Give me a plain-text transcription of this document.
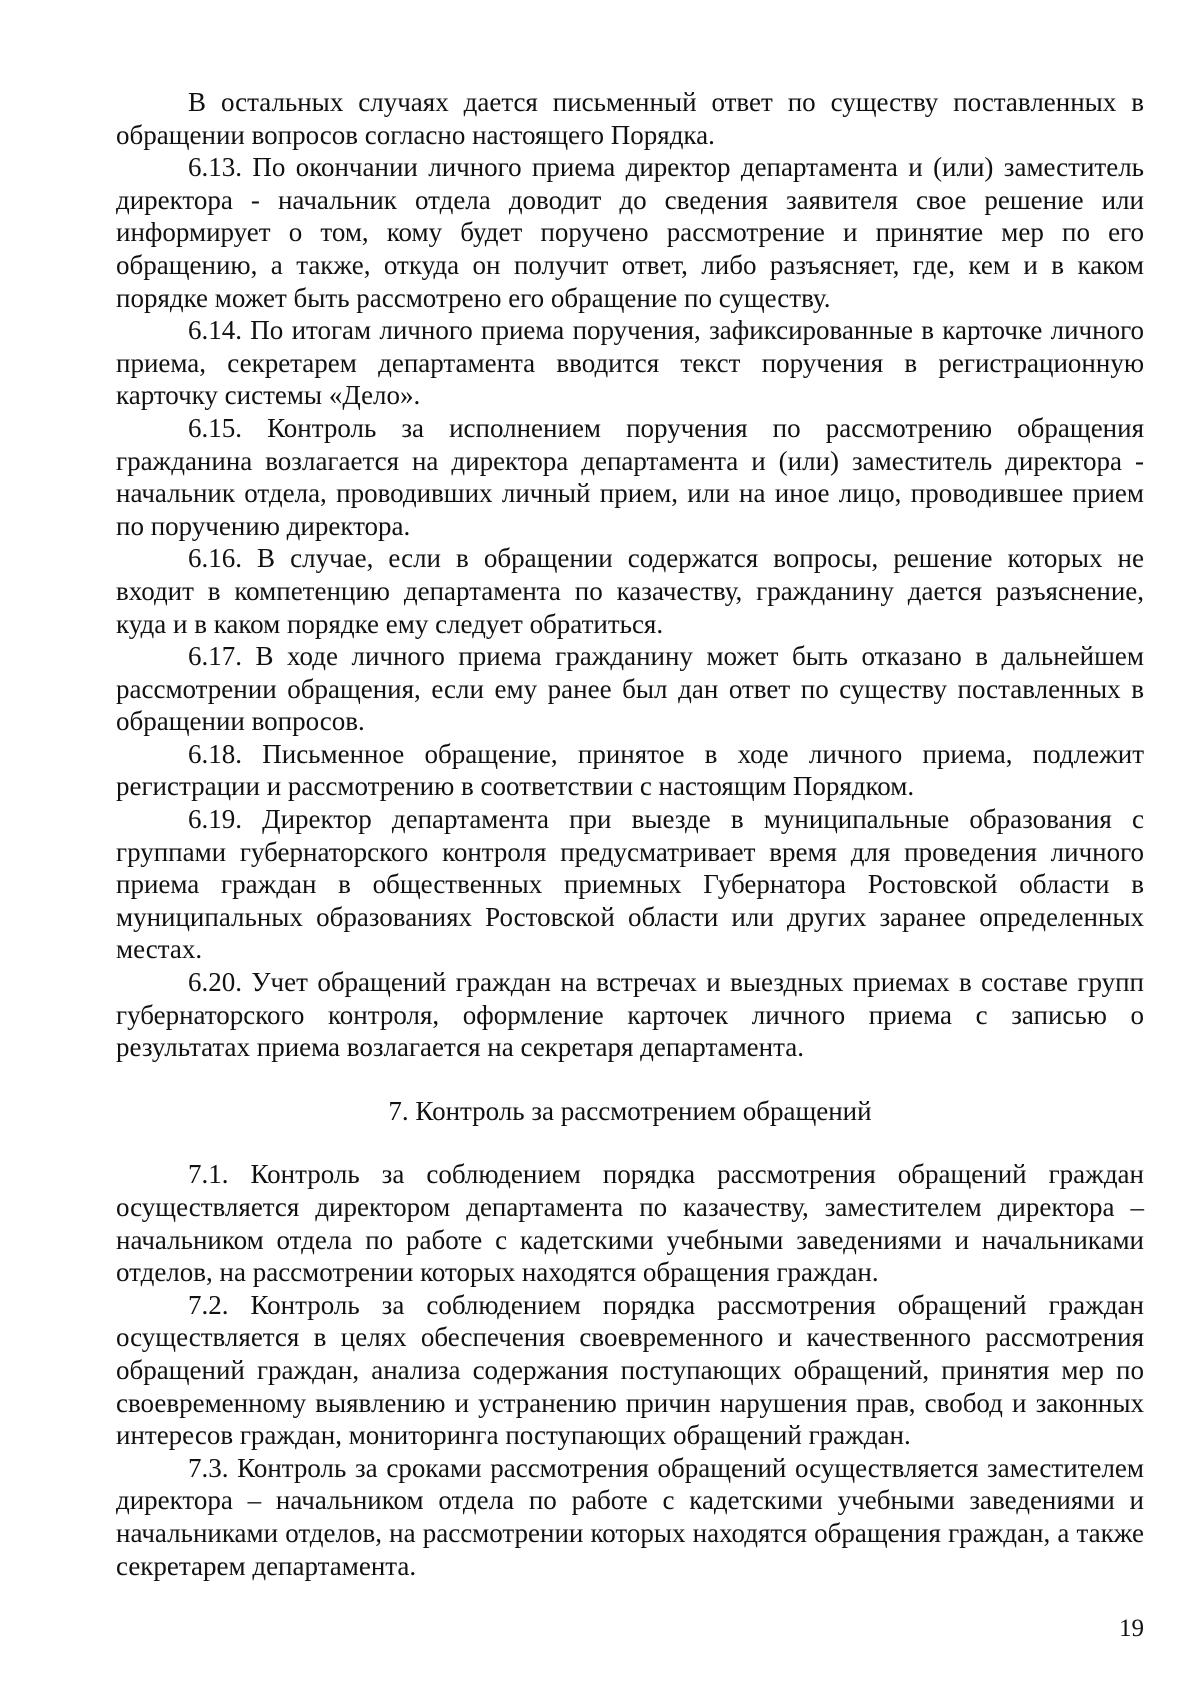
В остальных случаях дается письменный ответ по существу поставленных в обращении вопросов согласно настоящего Порядка.

6.13. По окончании личного приема директор департамента и (или) заместитель директора - начальник отдела доводит до сведения заявителя свое решение или информирует о том, кому будет поручено рассмотрение и принятие мер по его обращению, а также, откуда он получит ответ, либо разъясняет, где, кем и в каком порядке может быть рассмотрено его обращение по существу.

6.14. По итогам личного приема поручения, зафиксированные в карточке личного приема, секретарем департамента вводится текст поручения в регистрационную карточку системы «Дело».

6.15. Контроль за исполнением поручения по рассмотрению обращения гражданина возлагается на директора департамента и (или) заместитель директора - начальник отдела, проводивших личный прием, или на иное лицо, проводившее прием по поручению директора.

6.16. В случае, если в обращении содержатся вопросы, решение которых не входит в компетенцию департамента по казачеству, гражданину дается разъяснение, куда и в каком порядке ему следует обратиться.

6.17. В ходе личного приема гражданину может быть отказано в дальнейшем рассмотрении обращения, если ему ранее был дан ответ по существу поставленных в обращении вопросов.

6.18. Письменное обращение, принятое в ходе личного приема, подлежит регистрации и рассмотрению в соответствии с настоящим Порядком.

6.19. Директор департамента при выезде в муниципальные образования с группами губернаторского контроля предусматривает время для проведения личного приема граждан в общественных приемных Губернатора Ростовской области в муниципальных образованиях Ростовской области или других заранее определенных местах.

6.20. Учет обращений граждан на встречах и выездных приемах в составе групп губернаторского контроля, оформление карточек личного приема с записью о результатах приема возлагается на секретаря департамента.

7. Контроль за рассмотрением обращений

7.1. Контроль за соблюдением порядка рассмотрения обращений граждан осуществляется директором департамента по казачеству, заместителем директора – начальником отдела по работе с кадетскими учебными заведениями и начальниками отделов, на рассмотрении которых находятся обращения граждан.

7.2. Контроль за соблюдением порядка рассмотрения обращений граждан осуществляется в целях обеспечения своевременного и качественного рассмотрения обращений граждан, анализа содержания поступающих обращений, принятия мер по своевременному выявлению и устранению причин нарушения прав, свобод и законных интересов граждан, мониторинга поступающих обращений граждан.

7.3. Контроль за сроками рассмотрения обращений осуществляется заместителем директора – начальником отдела по работе с кадетскими учебными заведениями и начальниками отделов, на рассмотрении которых находятся обращения граждан, а также секретарем департамента.

19
